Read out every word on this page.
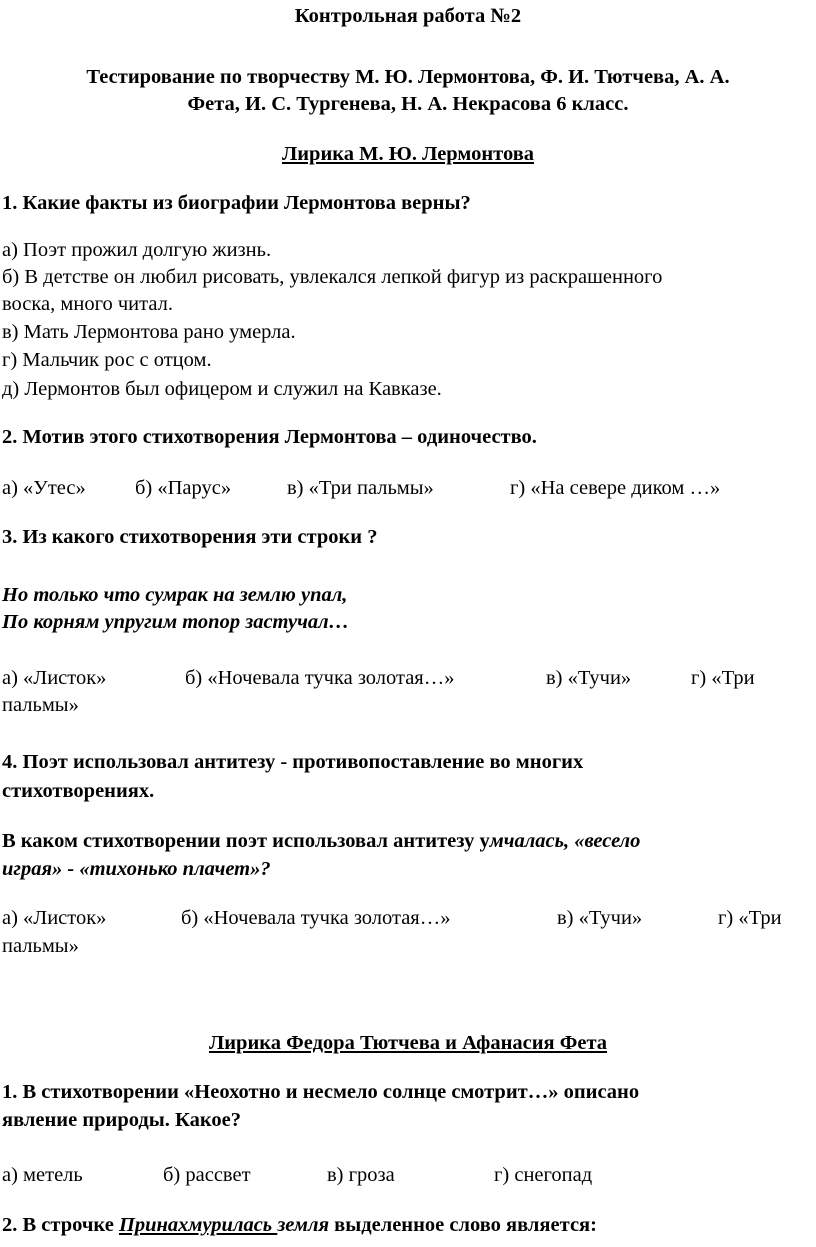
Контрольная работа №2
Тестирование по творчеству М. Ю. Лермонтова, Ф. И. Тютчева, А. А.
Фета, И. С. Тургенева, Н. А. Некрасова 6 класс.
Лирика М. Ю. Лермонтова
1. Какие факты из биографии Лермонтова верны?
а) Поэт прожил долгую жизнь.
б) В детстве он любил рисовать, увлекался лепкой фигур из раскрашенного
воска, много читал.
в) Мать Лермонтова рано умерла.
г) Мальчик рос с отцом.
д) Лермонтов был офицером и служил на Кавказе.
2. Мотив этого стихотворения Лермонтова – одиночество.
а) «Утес» б) «Парус»	в) «Три пальмы»	г) «На севере диком …»
3. Из какого стихотворения эти строки ?
Но только что сумрак на землю упал,
По корням упругим топор застучал…
а) «Листок»	б) «Ночевала тучка золотая…»	в) «Тучи»	г) «Три
пальмы»
4. Поэт использовал антитезу - противопоставление во многих
стихотворениях.
В каком стихотворении поэт использовал антитезу умчалась, «весело
играя» - «тихонько плачет»?
а) «Листок»	б) «Ночевала тучка золотая…»	в) «Тучи»	г) «Три
пальмы»
Лирика Федора Тютчева и Афанасия Фета
1. В стихотворении «Неохотно и несмело солнце смотрит…» описано
явление природы. Какое?
а) метель	б) рассвет	в) гроза	г) снегопад
2. В строчке Принахмурилась земля выделенное слово является:
